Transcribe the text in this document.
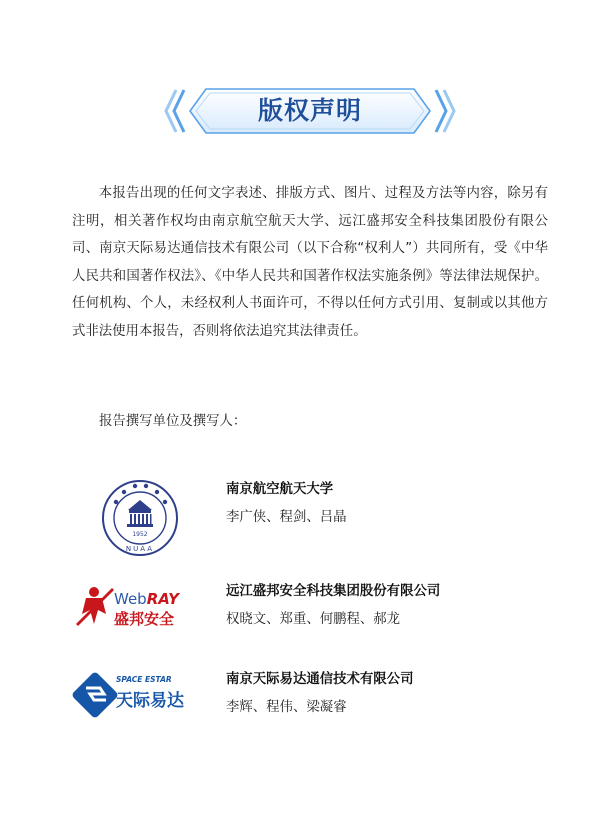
版权声明

本报告出现的任何文字表述、排版方式、图片、过程及方法等内容，除另有注明，相关著作权均由南京航空航天大学、远江盛邦安全科技集团股份有限公司、南京天际易达通信技术有限公司（以下合称“权利人”）共同所有，受《中华人民共和国著作权法》、《中华人民共和国著作权法实施条例》等法律法规保护。任何机构、个人，未经权利人书面许可，不得以任何方式引用、复制或以其他方式非法使用本报告，否则将依法追究其法律责任。

报告撰写单位及撰写人：

1952
NUAA
南京航空航天大学
李广侠、程剑、吕晶
WebRAY
盛邦安全
远江盛邦安全科技集团股份有限公司
权晓文、郑重、何鹏程、郝龙
SPACE ESTAR
天际易达
南京天际易达通信技术有限公司
李辉、程伟、梁凝睿
